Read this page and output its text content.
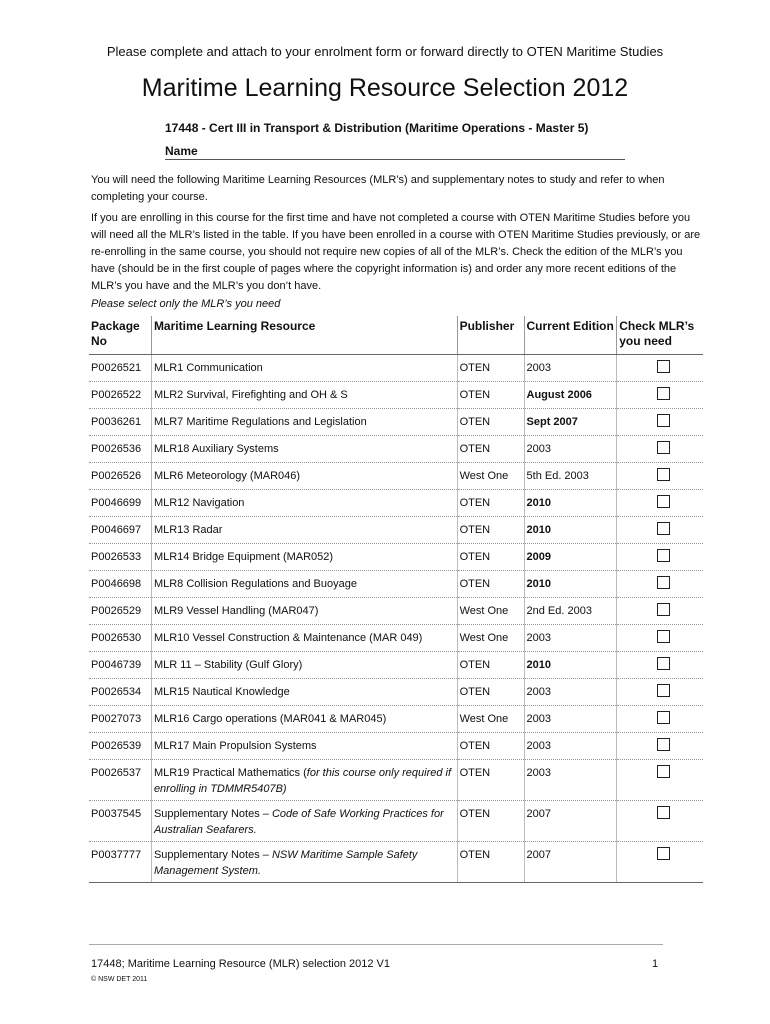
Please complete and attach to your enrolment form or forward directly to OTEN Maritime Studies
Maritime Learning Resource Selection 2012
17448 - Cert III in Transport & Distribution (Maritime Operations - Master 5)
Name
You will need the following Maritime Learning Resources (MLR’s) and supplementary notes to study and refer to when completing your course.
If you are enrolling in this course for the first time and have not completed a course with OTEN Maritime Studies before you will need all the MLR’s listed in the table. If you have been enrolled in a course with OTEN Maritime Studies previously, or are re-enrolling in the same course, you should not require new copies of all of the MLR’s. Check the edition of the MLR’s you have (should be in the first couple of pages where the copyright information is) and order any more recent editions of the MLR’s you have and the MLR’s you don’t have.
Please select only the MLR’s you need
Package No	Maritime Learning Resource	Publisher	Current Edition	Check MLR’s you need
P0026521	MLR1 Communication	OTEN	2003	
P0026522	MLR2 Survival, Firefighting and OH & S	OTEN	August 2006	
P0036261	MLR7 Maritime Regulations and Legislation	OTEN	Sept 2007	
P0026536	MLR18 Auxiliary Systems	OTEN	2003	
P0026526	MLR6 Meteorology (MAR046)	West One	5th Ed. 2003	
P0046699	MLR12 Navigation	OTEN	2010	
P0046697	MLR13 Radar	OTEN	2010	
P0026533	MLR14 Bridge Equipment (MAR052)	OTEN	2009	
P0046698	MLR8 Collision Regulations and Buoyage	OTEN	2010	
P0026529	MLR9 Vessel Handling (MAR047)	West One	2nd Ed. 2003	
P0026530	MLR10 Vessel Construction & Maintenance (MAR 049)	West One	2003	
P0046739	MLR 11 – Stability (Gulf Glory)	OTEN	2010	
P0026534	MLR15 Nautical Knowledge	OTEN	2003	
P0027073	MLR16 Cargo operations (MAR041 & MAR045)	West One	2003	
P0026539	MLR17 Main Propulsion Systems	OTEN	2003	
P0026537	MLR19 Practical Mathematics (for this course only required if enrolling in TDMMR5407B)	OTEN	2003	
P0037545	Supplementary Notes – Code of Safe Working Practices for Australian Seafarers.	OTEN	2007	
P0037777	Supplementary Notes – NSW Maritime Sample Safety Management System.	OTEN	2007	
17448; Maritime Learning Resource (MLR) selection 2012 V1	1
© NSW DET 2011
